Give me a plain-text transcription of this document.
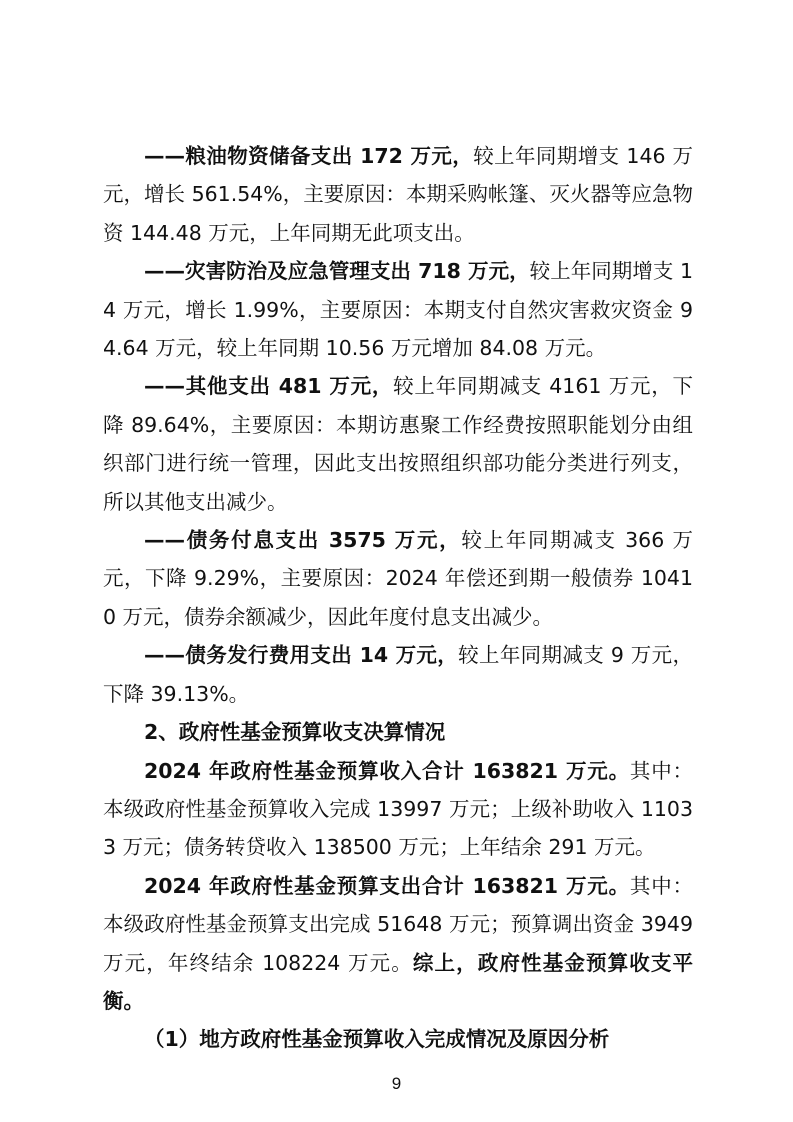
——粮油物资储备支出 172 万元，较上年同期增支 146 万元，增长 561.54%，主要原因：本期采购帐篷、灭火器等应急物资 144.48 万元，上年同期无此项支出。

——灾害防治及应急管理支出 718 万元，较上年同期增支 14 万元，增长 1.99%，主要原因：本期支付自然灾害救灾资金 94.64 万元，较上年同期 10.56 万元增加 84.08 万元。

——其他支出 481 万元，较上年同期减支 4161 万元，下降 89.64%，主要原因：本期访惠聚工作经费按照职能划分由组织部门进行统一管理，因此支出按照组织部功能分类进行列支，所以其他支出减少。

——债务付息支出 3575 万元，较上年同期减支 366 万元，下降 9.29%，主要原因：2024 年偿还到期一般债券 10410 万元，债券余额减少，因此年度付息支出减少。

——债务发行费用支出 14 万元，较上年同期减支 9 万元，下降 39.13%。

2、政府性基金预算收支决算情况

2024 年政府性基金预算收入合计 163821 万元。其中：本级政府性基金预算收入完成 13997 万元；上级补助收入 11033 万元；债务转贷收入 138500 万元；上年结余 291 万元。

2024 年政府性基金预算支出合计 163821 万元。其中：本级政府性基金预算支出完成 51648 万元；预算调出资金 3949 万元，年终结余 108224 万元。综上，政府性基金预算收支平衡。

（1）地方政府性基金预算收入完成情况及原因分析

9
